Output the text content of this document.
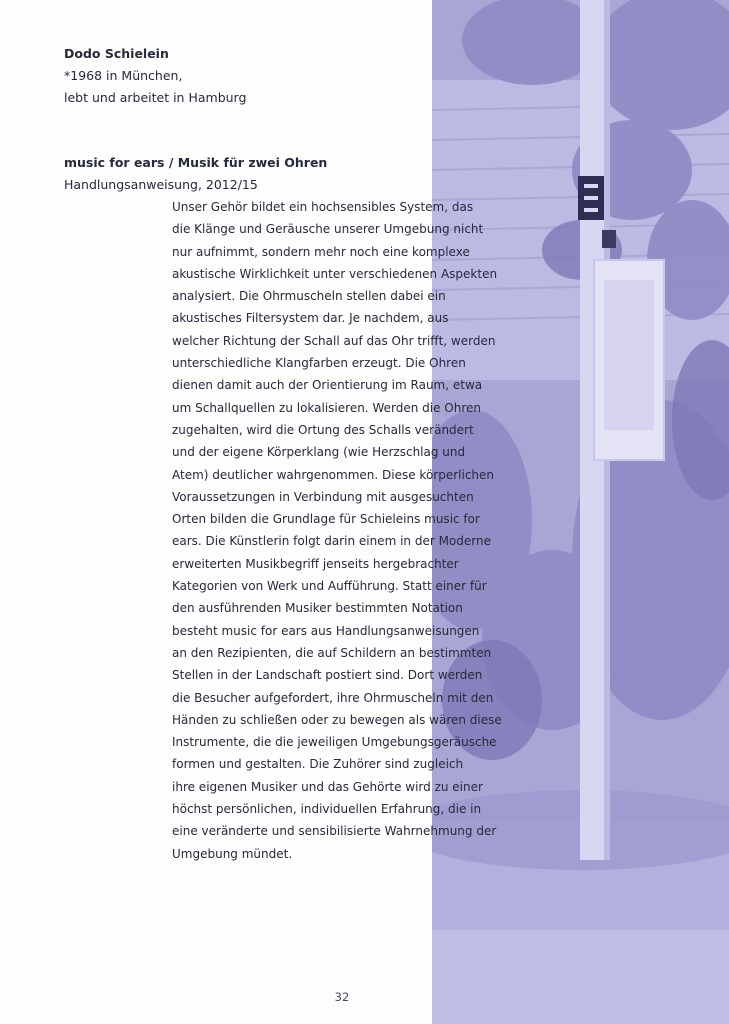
Dodo Schielein
*1968 in München,
lebt und arbeitet in Hamburg
music for ears / Musik für zwei Ohren
Handlungsanweisung, 2012/15

Unser Gehör bildet ein hochsensibles System, das
die Klänge und Geräusche unserer Umgebung nicht
nur aufnimmt, sondern mehr noch eine komplexe
akustische Wirklichkeit unter verschiedenen Aspekten
analysiert. Die Ohrmuscheln stellen dabei ein
akustisches Filtersystem dar. Je nachdem, aus
welcher Richtung der Schall auf das Ohr trifft, werden
unterschiedliche Klangfarben erzeugt. Die Ohren
dienen damit auch der Orientierung im Raum, etwa
um Schallquellen zu lokalisieren. Werden die Ohren
zugehalten, wird die Ortung des Schalls verändert
und der eigene Körperklang (wie Herzschlag und
Atem) deutlicher wahrgenommen. Diese körperlichen
Voraussetzungen in Verbindung mit ausgesuchten
Orten bilden die Grundlage für Schieleins music for
ears. Die Künstlerin folgt darin einem in der Moderne
erweiterten Musikbegriff jenseits hergebrachter
Kategorien von Werk und Aufführung. Statt einer für
den ausführenden Musiker bestimmten Notation
besteht music for ears aus Handlungsanweisungen
an den Rezipienten, die auf Schildern an bestimmten
Stellen in der Landschaft postiert sind. Dort werden
die Besucher aufgefordert, ihre Ohrmuscheln mit den
Händen zu schließen oder zu bewegen als wären diese
Instrumente, die die jeweiligen Umgebungsgeräusche
formen und gestalten. Die Zuhörer sind zugleich
ihre eigenen Musiker und das Gehörte wird zu einer
höchst persönlichen, individuellen Erfahrung, die in
eine veränderte und sensibilisierte Wahrnehmung der
Umgebung mündet.

32
